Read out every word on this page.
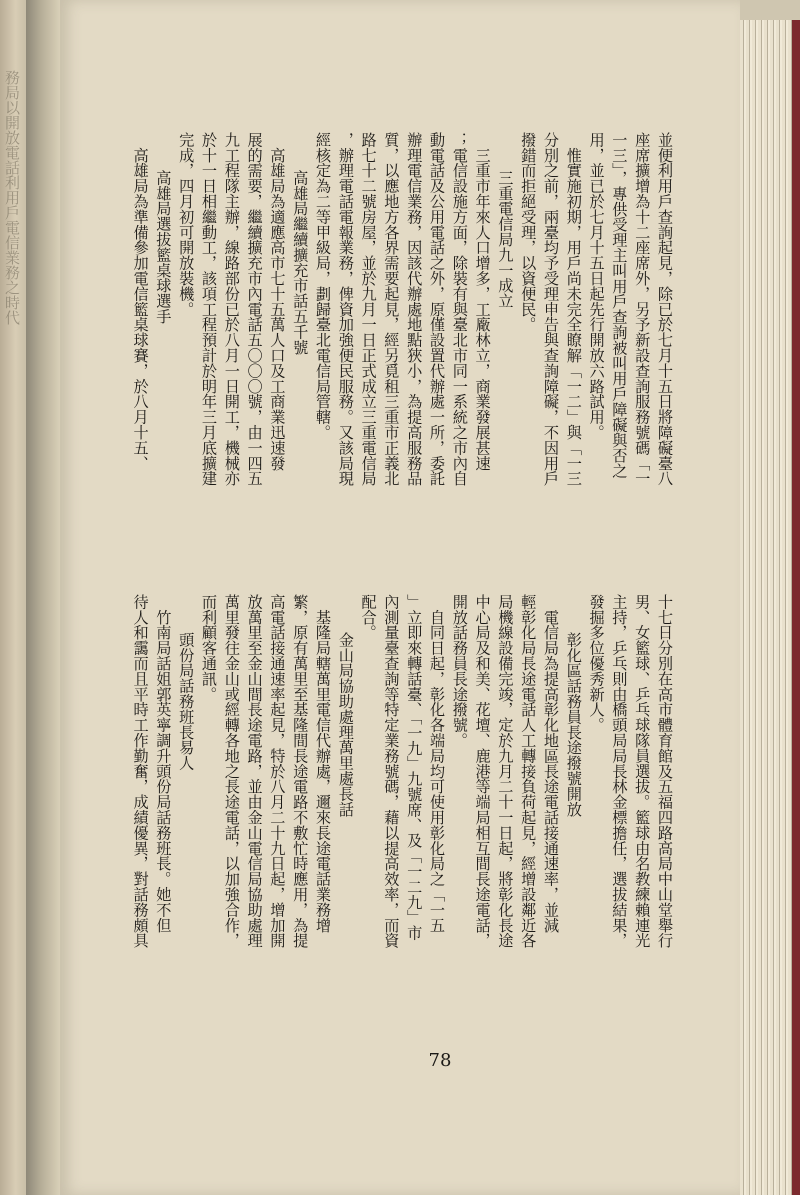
務局以開放電話利用戶電信業務之時代	並便利用戶查詢起見，除已於七月十五日將障礙臺八
座席擴增為十二座席外，另予新設查詢服務號碼「一
一三」，專供受理主叫用戶查詢被叫用戶障礙與否之
用，並已於七月十五日起先行開放六路試用。
　惟實施初期，用戶尚未完全瞭解「一二」與「一三
分別之前，兩臺均予受理申告與查詢障礙，不因用戶
撥錯而拒絕受理，以資便民。
三重電信局九一成立
　三重市年來人口增多，工廠林立，商業發展甚速
；電信設施方面，除裝有與臺北市同一系統之市內自
動電話及公用電話之外，原僅設置代辦處一所，委託
辦理電信業務，因該代辦處地點狹小，為提高服務品
質，以應地方各界需要起見，經另覓租三重市正義北
路七十二號房屋，並於九月一日正式成立三重電信局
，辦理電話電報業務，俾資加強便民服務。又該局現
經核定為二等甲級局，劃歸臺北電信局管轄。
高雄局繼續擴充市話五千號
　高雄局為適應高市七十五萬人口及工商業迅速發
展的需要，繼續擴充市內電話五〇〇〇號，由一四五
九工程隊主辦，線路部份已於八月一日開工，機械亦
於十一日相繼動工，該項工程預計於明年三月底擴建
完成，四月初可開放裝機。
高雄局選拔籃桌球選手
　高雄局為準備參加電信籃桌球賽，於八月十五、
十七日分別在高市體育館及五福四路高局中山堂舉行
男、女籃球、乒乓球隊員選拔。籃球由名教練賴連光
主持，乒乓則由橋頭局局長林金標擔任，選拔結果，
發掘多位優秀新人。
彰化區話務員長途撥號開放
　電信局為提高彰化地區長途電話接通速率，並減
輕彰化局長途電話人工轉接負荷起見，經增設鄰近各
局機線設備完竣，定於九月二十一日起，將彰化長途
中心局及和美、花壇、鹿港等端局相互間長途電話，
開放話務員長途撥號。
　自同日起，彰化各端局均可使用彰化局之「一五
」立即來轉話臺、「一九」九號席、及「一二九」市
內測量臺查詢等特定業務號碼，藉以提高效率，而資
配合。
金山局協助處理萬里處長話
　基隆局轄萬里電信代辦處，邇來長途電話業務增
繁，原有萬里至基隆間長途電路不敷忙時應用，為提
高電話接通速率起見，特於八月二十九日起，增加開
放萬里至金山間長途電路，並由金山電信局協助處理
萬里發往金山或經轉各地之長途電話，以加強合作，
而利顧客通訊。
頭份局話務班長易人
　竹南局話姐郭英寧調升頭份局話務班長。她不但
待人和靄而且平時工作勤奮，成績優異，對話務頗具
78
